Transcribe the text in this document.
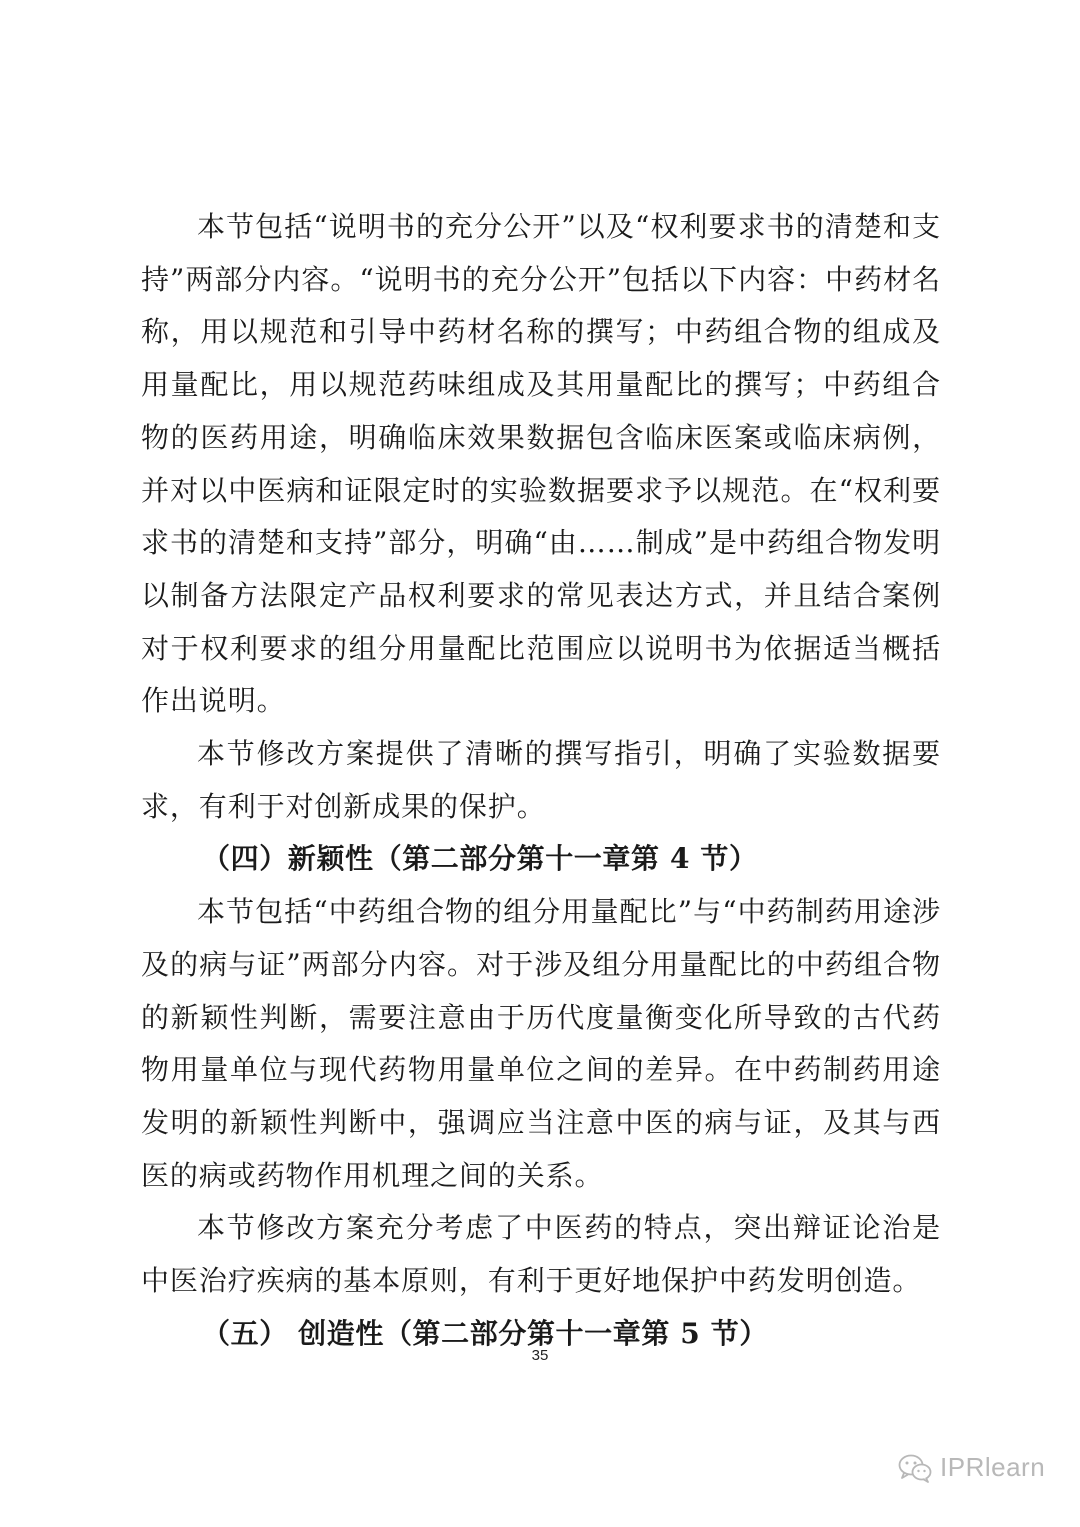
本节包括“说明书的充分公开”以及“权利要求书的清楚和支持”两部分内容。“说明书的充分公开”包括以下内容：中药材名称，用以规范和引导中药材名称的撰写；中药组合物的组成及用量配比，用以规范药味组成及其用量配比的撰写；中药组合物的医药用途，明确临床效果数据包含临床医案或临床病例，并对以中医病和证限定时的实验数据要求予以规范。在“权利要求书的清楚和支持”部分，明确“由……制成”是中药组合物发明以制备方法限定产品权利要求的常见表达方式，并且结合案例对于权利要求的组分用量配比范围应以说明书为依据适当概括作出说明。

本节修改方案提供了清晰的撰写指引，明确了实验数据要求，有利于对创新成果的保护。

（四）新颖性（第二部分第十一章第 4 节）

本节包括“中药组合物的组分用量配比”与“中药制药用途涉及的病与证”两部分内容。对于涉及组分用量配比的中药组合物的新颖性判断，需要注意由于历代度量衡变化所导致的古代药物用量单位与现代药物用量单位之间的差异。在中药制药用途发明的新颖性判断中，强调应当注意中医的病与证，及其与西医的病或药物作用机理之间的关系。

本节修改方案充分考虑了中医药的特点，突出辩证论治是中医治疗疾病的基本原则，有利于更好地保护中药发明创造。

（五） 创造性（第二部分第十一章第 5 节）

35
IPRlearn
